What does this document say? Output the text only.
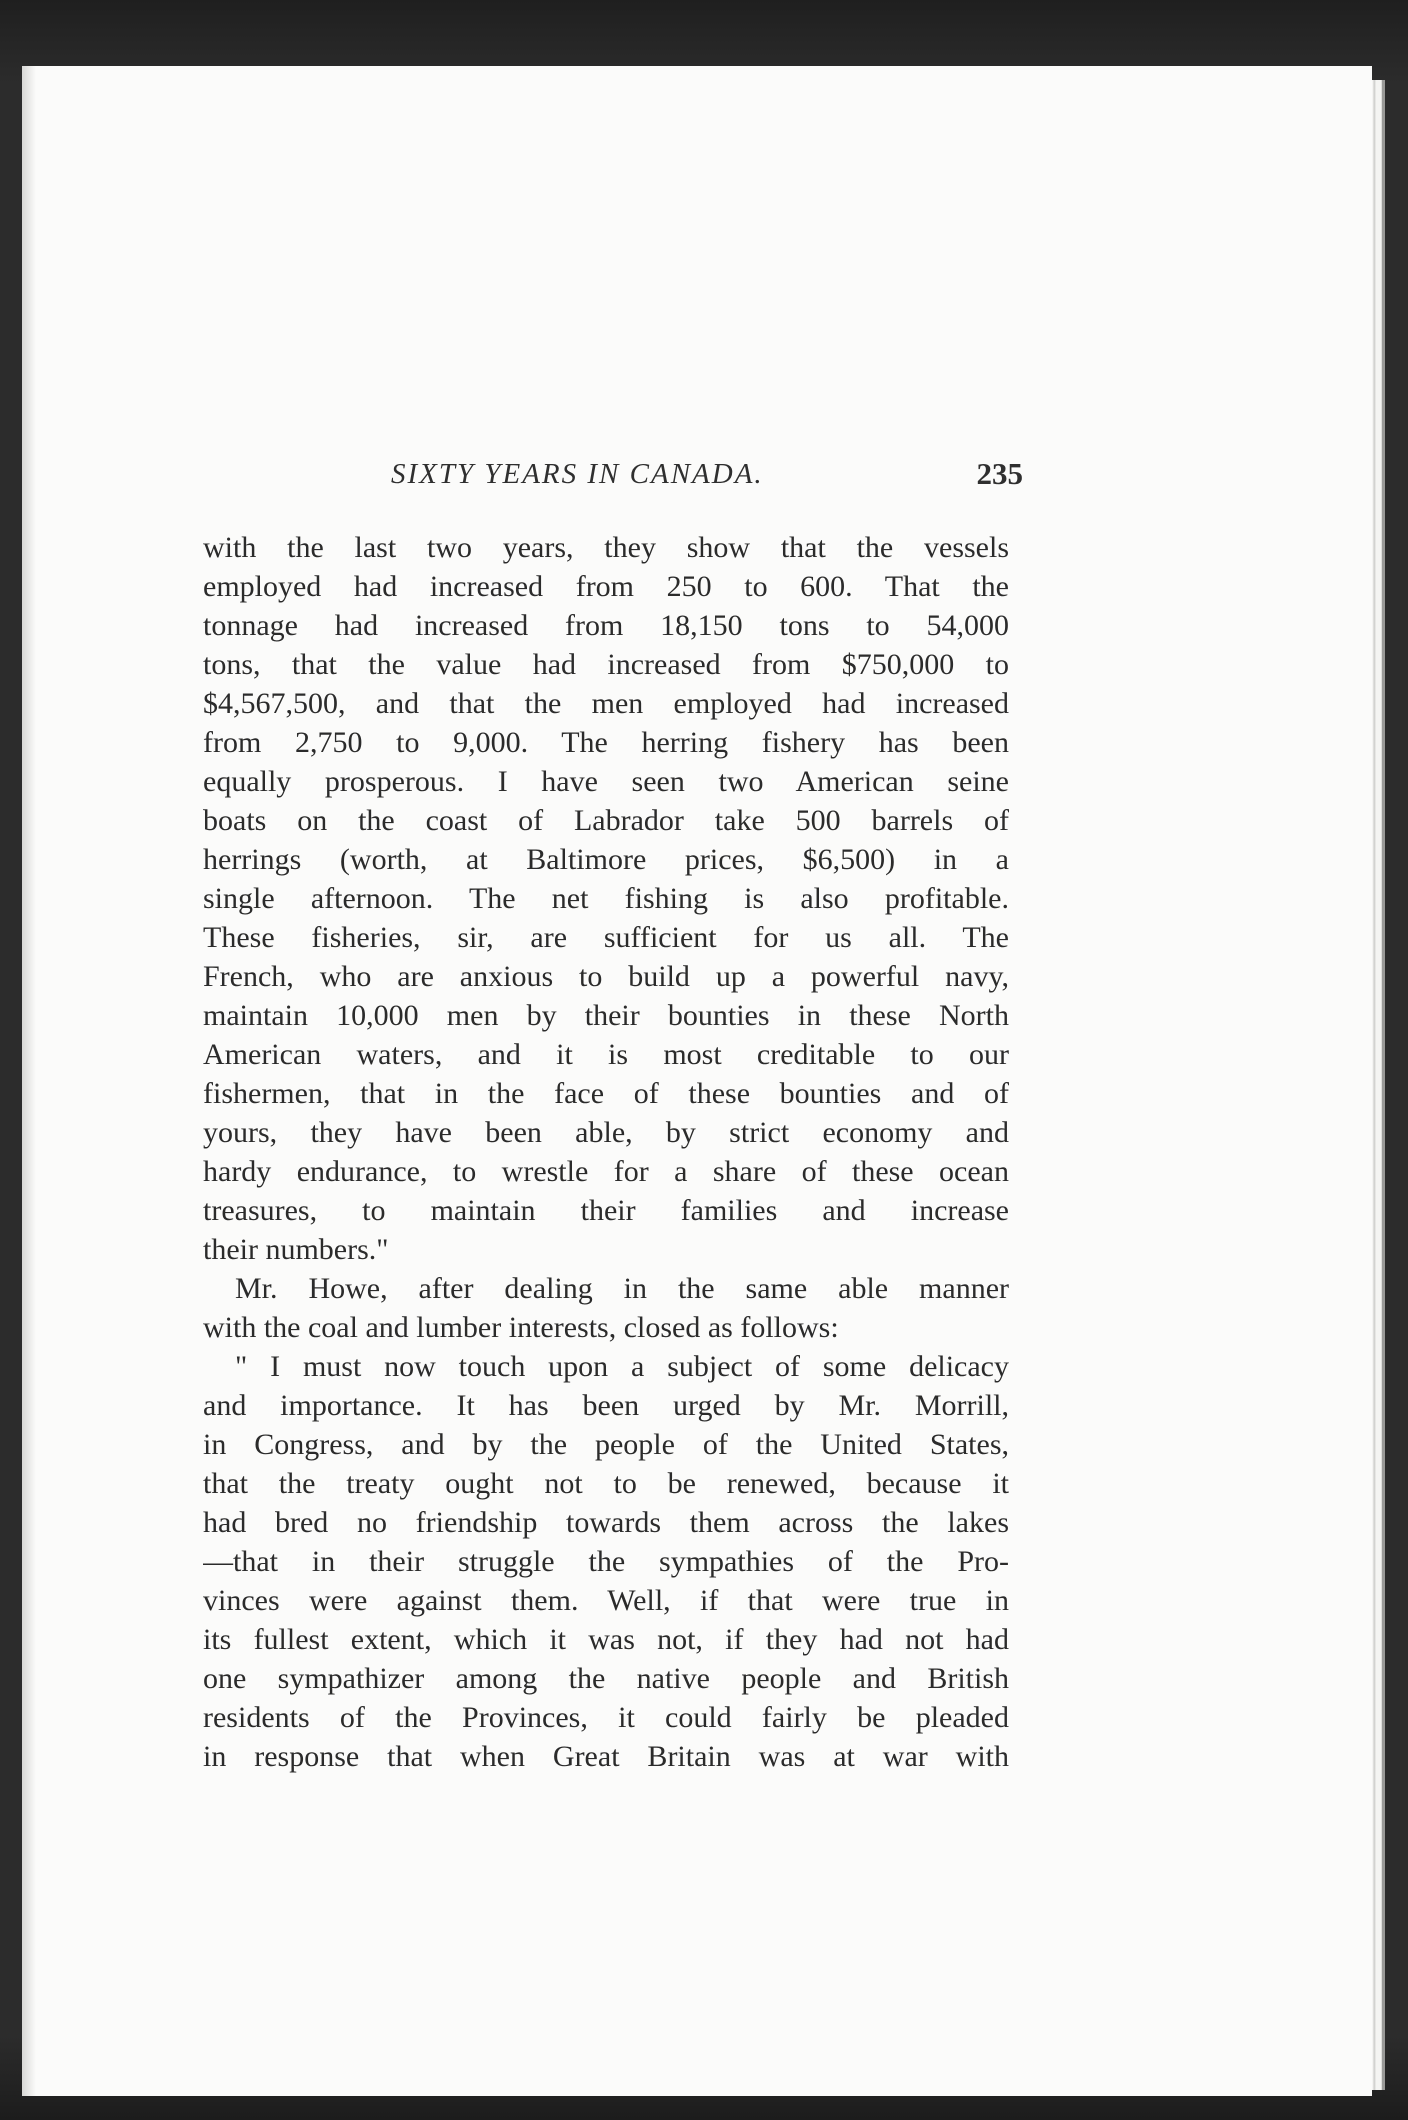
SIXTY YEARS IN CANADA.	235
with the last two years, they show that the vessels
employed had increased from 250 to 600. That the
tonnage had increased from 18,150 tons to 54,000
tons, that the value had increased from $750,000 to
$4,567,500, and that the men employed had increased
from 2,750 to 9,000. The herring fishery has been
equally prosperous. I have seen two American seine
boats on the coast of Labrador take 500 barrels of
herrings (worth, at Baltimore prices, $6,500) in a
single afternoon. The net fishing is also profitable.
These fisheries, sir, are sufficient for us all. The
French, who are anxious to build up a powerful navy,
maintain 10,000 men by their bounties in these North
American waters, and it is most creditable to our
fishermen, that in the face of these bounties and of
yours, they have been able, by strict economy and
hardy endurance, to wrestle for a share of these ocean
treasures, to maintain their families and increase
their numbers."
Mr. Howe, after dealing in the same able manner
with the coal and lumber interests, closed as follows:
" I must now touch upon a subject of some delicacy
and importance. It has been urged by Mr. Morrill,
in Congress, and by the people of the United States,
that the treaty ought not to be renewed, because it
had bred no friendship towards them across the lakes
—that in their struggle the sympathies of the Pro-
vinces were against them. Well, if that were true in
its fullest extent, which it was not, if they had not had
one sympathizer among the native people and British
residents of the Provinces, it could fairly be pleaded
in response that when Great Britain was at war with
